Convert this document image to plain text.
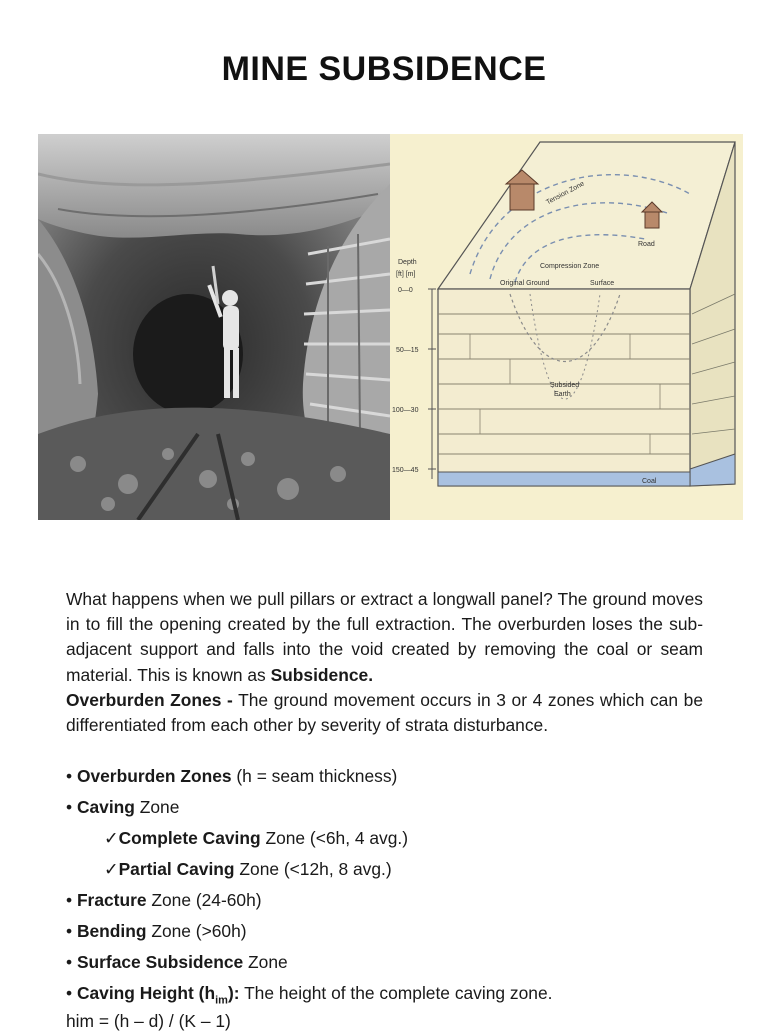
MINE SUBSIDENCE
Tension Zone
Road
Compression Zone
Original Ground	Surface
Depth
[ft] [m]
0—0
50—15
100—30
150—45
Subsided
Earth
Coal
What happens when we pull pillars or extract a longwall panel? The ground moves in to fill the opening created by the full extraction. The overburden loses the sub-adjacent support and falls into the void created by removing the coal or seam material. This is known as Subsidence.
Overburden Zones - The ground movement occurs in 3 or 4 zones which can be differentiated from each other by severity of strata disturbance.
• Overburden Zones (h = seam thickness)
• Caving Zone
✓Complete Caving Zone (<6h, 4 avg.)
✓Partial Caving Zone (<12h, 8 avg.)
• Fracture Zone (24-60h)
• Bending Zone (>60h)
• Surface Subsidence Zone
• Caving Height $(h_{im})$: The height of the complete caving zone.
him = (h – d) / (K – 1)
